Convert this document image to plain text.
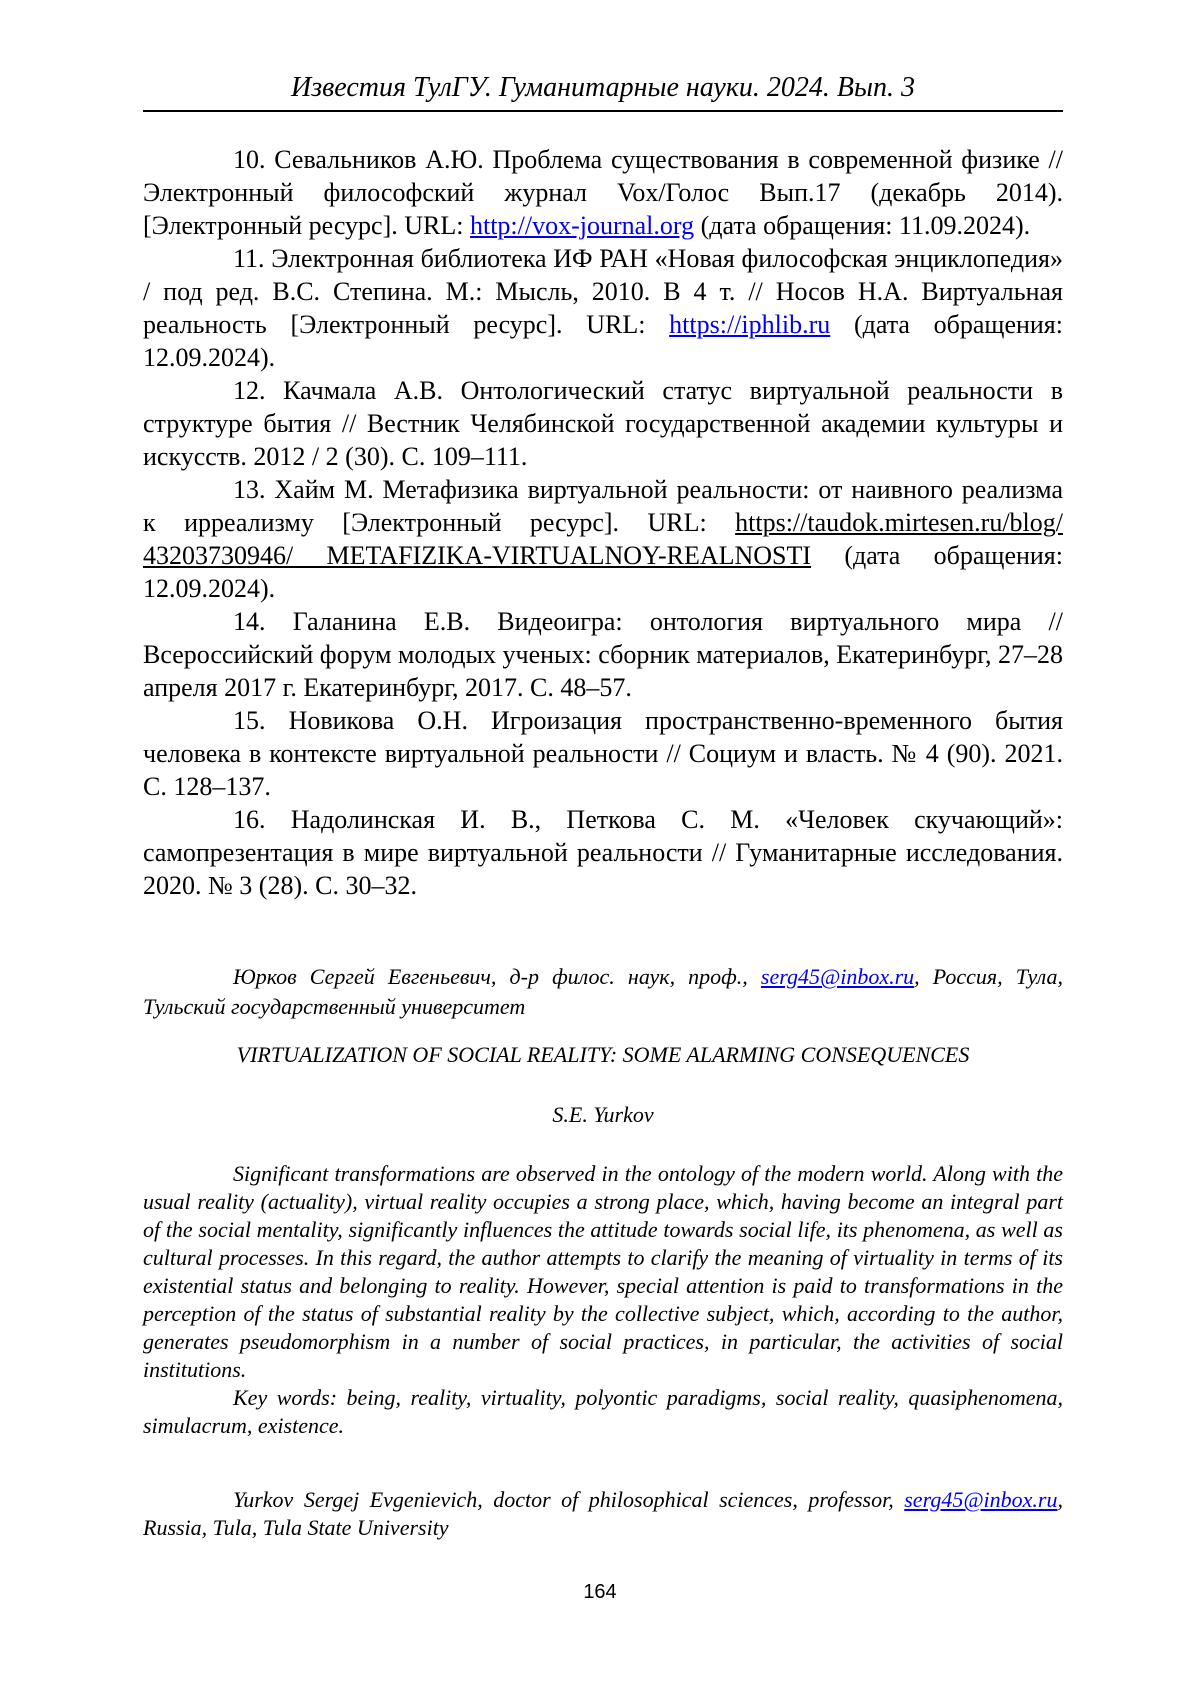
Известия ТулГУ. Гуманитарные науки. 2024. Вып. 3

10. Севальников А.Ю. Проблема существования в современной физике // Электронный философский журнал Vox/Голос Вып.17 (декабрь 2014). [Электронный ресурс]. URL: http://vox-journal.org (дата обращения: 11.09.2024).

11. Электронная библиотека ИФ РАН «Новая философская энциклопедия» / под ред. В.С. Степина. М.: Мысль, 2010. В 4 т. // Носов Н.А. Виртуальная реальность [Электронный ресурс]. URL: https://iphlib.ru (дата обращения: 12.09.2024).

12. Качмала А.В. Онтологический статус виртуальной реальности в структуре бытия // Вестник Челябинской государственной академии культуры и искусств. 2012 / 2 (30). С. 109–111.

13. Хайм М. Метафизика виртуальной реальности: от наивного реализма к ирреализму [Электронный ресурс]. URL: https://taudok.mirtesen.ru/blog/ 43203730946/ METAFIZIKA-VIRTUALNOY-REALNOSTI (дата обращения: 12.09.2024).

14. Галанина Е.В. Видеоигра: онтология виртуального мира // Всероссийский форум молодых ученых: сборник материалов, Екатеринбург, 27–28 апреля 2017 г. Екатеринбург, 2017. С. 48–57.

15. Новикова О.Н. Игроизация пространственно-временного бытия человека в контексте виртуальной реальности // Социум и власть. № 4 (90). 2021. С. 128–137.

16. Надолинская И. В., Петкова С. М. «Человек скучающий»: самопрезентация в мире виртуальной реальности // Гуманитарные исследования. 2020. № 3 (28). С. 30–32.

Юрков Сергей Евгеньевич, д-р филос. наук, проф., serg45@inbox.ru, Россия, Тула, Тульский государственный университет

VIRTUALIZATION OF SOCIAL REALITY: SOME ALARMING CONSEQUENCES

S.E. Yurkov

Significant transformations are observed in the ontology of the modern world. Along with the usual reality (actuality), virtual reality occupies a strong place, which, having become an integral part of the social mentality, significantly influences the attitude towards social life, its phenomena, as well as cultural processes. In this regard, the author attempts to clarify the meaning of virtuality in terms of its existential status and belonging to reality. However, special attention is paid to transformations in the perception of the status of substantial reality by the collective subject, which, according to the author, generates pseudomorphism in a number of social practices, in particular, the activities of social institutions.

Key words: being, reality, virtuality, polyontic paradigms, social reality, quasiphenomena, simulacrum, existence.

Yurkov Sergej Evgenievich, doctor of philosophical sciences, professor, serg45@inbox.ru, Russia, Tula, Tula State University

164
